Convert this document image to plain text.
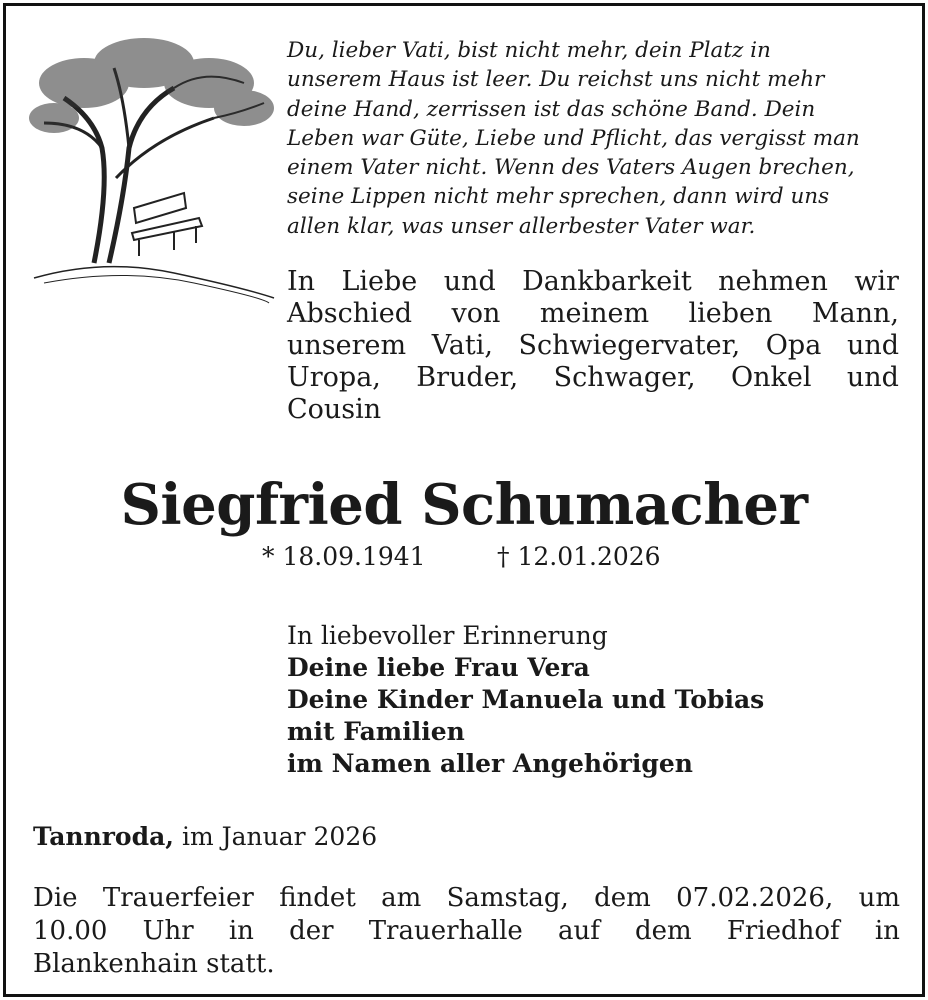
Du, lieber Vati, bist nicht mehr, dein Platz in
unserem Haus ist leer. Du reichst uns nicht mehr
deine Hand, zerrissen ist das schöne Band. Dein
Leben war Güte, Liebe und Pflicht, das vergisst man
einem Vater nicht. Wenn des Vaters Augen brechen,
seine Lippen nicht mehr sprechen, dann wird uns
allen klar, was unser allerbester Vater war.
In Liebe und Dankbarkeit nehmen wir
Abschied von meinem lieben Mann,
unserem Vati, Schwiegervater, Opa und
Uropa, Bruder, Schwager, Onkel und
Cousin
Siegfried Schumacher
* 18.09.1941	† 12.01.2026
In liebevoller Erinnerung
Deine liebe Frau Vera
Deine Kinder Manuela und Tobias
mit Familien
im Namen aller Angehörigen
Tannroda, im Januar 2026
Die Trauerfeier findet am Samstag, dem 07.02.2026, um
10.00 Uhr in der Trauerhalle auf dem Friedhof in
Blankenhain statt.
